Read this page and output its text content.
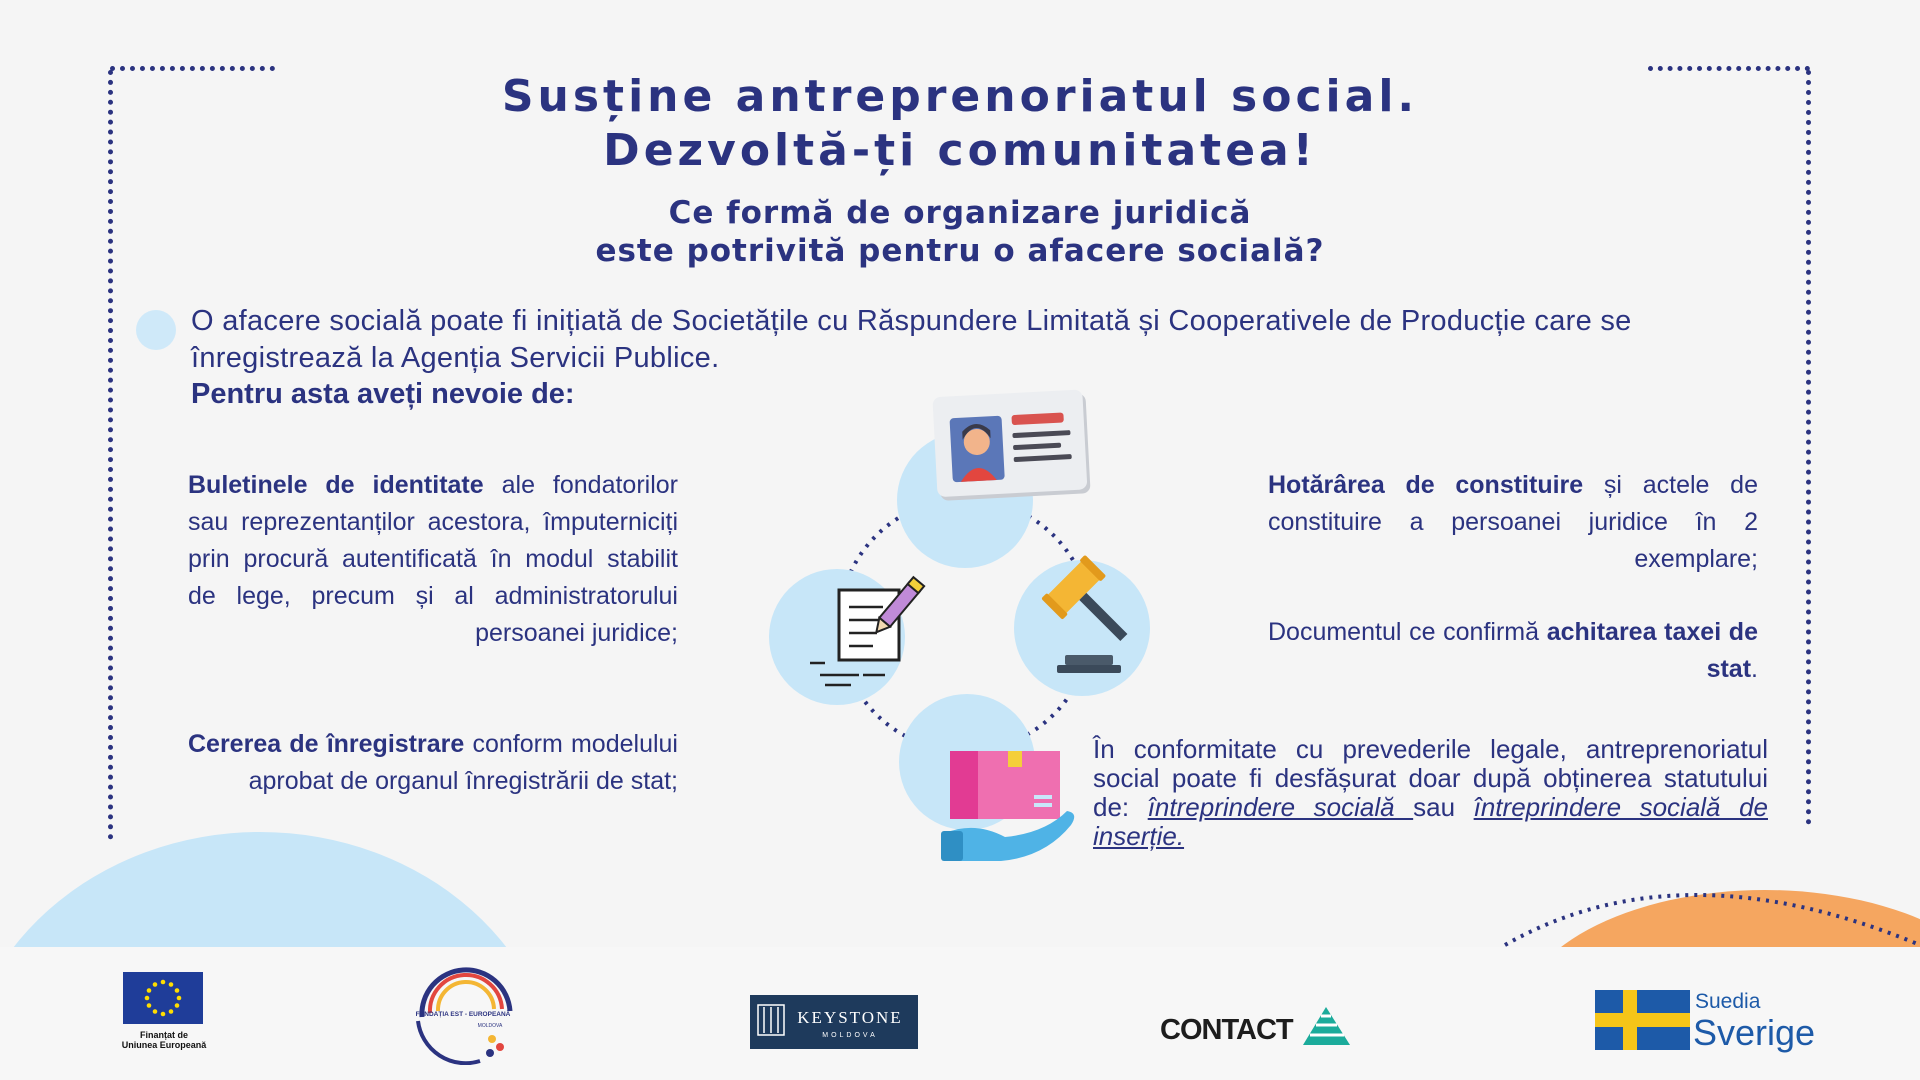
Susține antreprenoriatul social.
Dezvoltă-ți comunitatea!
Ce formă de organizare juridică
este potrivită pentru o afacere socială?
O afacere socială poate fi inițiată de Societățile cu Răspundere Limitată și Cooperativele de Producție care se înregistrează la Agenția Servicii Publice.
Pentru asta aveți nevoie de:
Buletinele de identitate ale fondatorilor sau reprezentanților acestora, împuterniciți prin procură autentificată în modul stabilit de lege, precum și al administratorului persoanei juridice;
Cererea de înregistrare conform modelului aprobat de organul înregistrării de stat;
Hotărârea de constituire și actele de constituire a persoanei juridice în 2 exemplare;
Documentul ce confirmă achitarea taxei de stat.
În conformitate cu prevederile legale, antreprenoriatul social poate fi desfășurat doar după obținerea statutului de: întreprindere socială sau întreprindere socială de inserție.
Finanțat de
Uniunea Europeană
FUNDAȚIA EST - EUROPEANĂ
MOLDOVA	KEYSTONE
MOLDOVA	CONTACT
Suedia
Sverige
